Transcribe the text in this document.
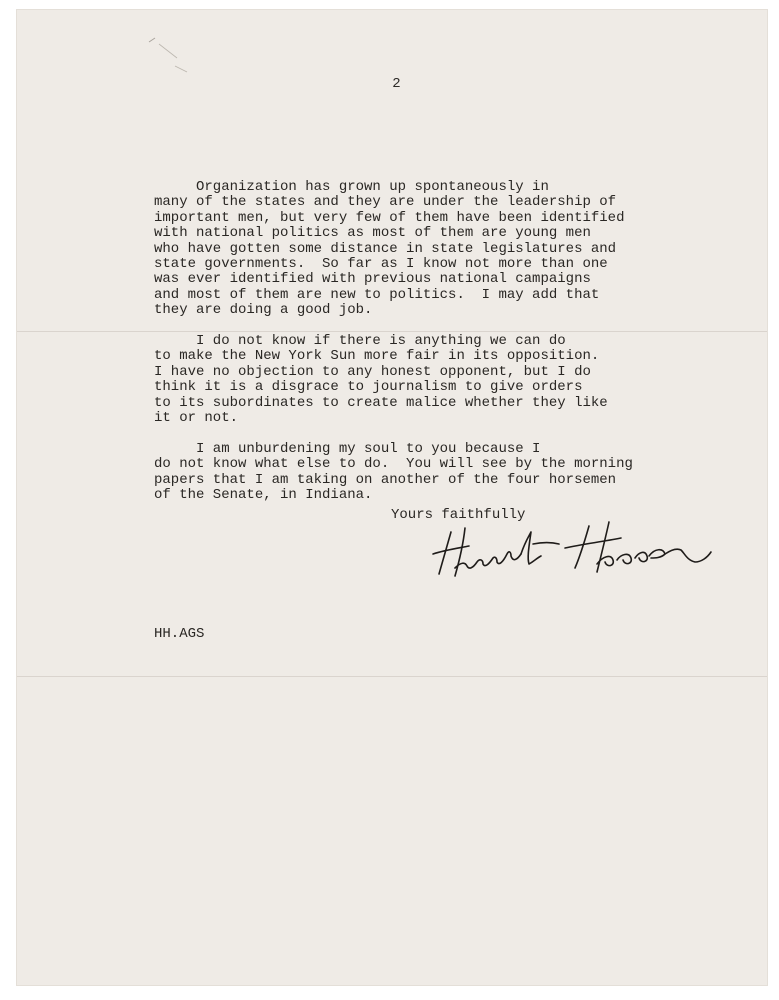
2
Organization has grown up spontaneously in
many of the states and they are under the leadership of
important men, but very few of them have been identified
with national politics as most of them are young men
who have gotten some distance in state legislatures and
state governments.  So far as I know not more than one
was ever identified with previous national campaigns
and most of them are new to politics.  I may add that
they are doing a good job.
I do not know if there is anything we can do
to make the New York Sun more fair in its opposition.
I have no objection to any honest opponent, but I do
think it is a disgrace to journalism to give orders
to its subordinates to create malice whether they like
it or not.
I am unburdening my soul to you because I
do not know what else to do.  You will see by the morning
papers that I am taking on another of the four horsemen
of the Senate, in Indiana.
Yours faithfully
HH.AGS
